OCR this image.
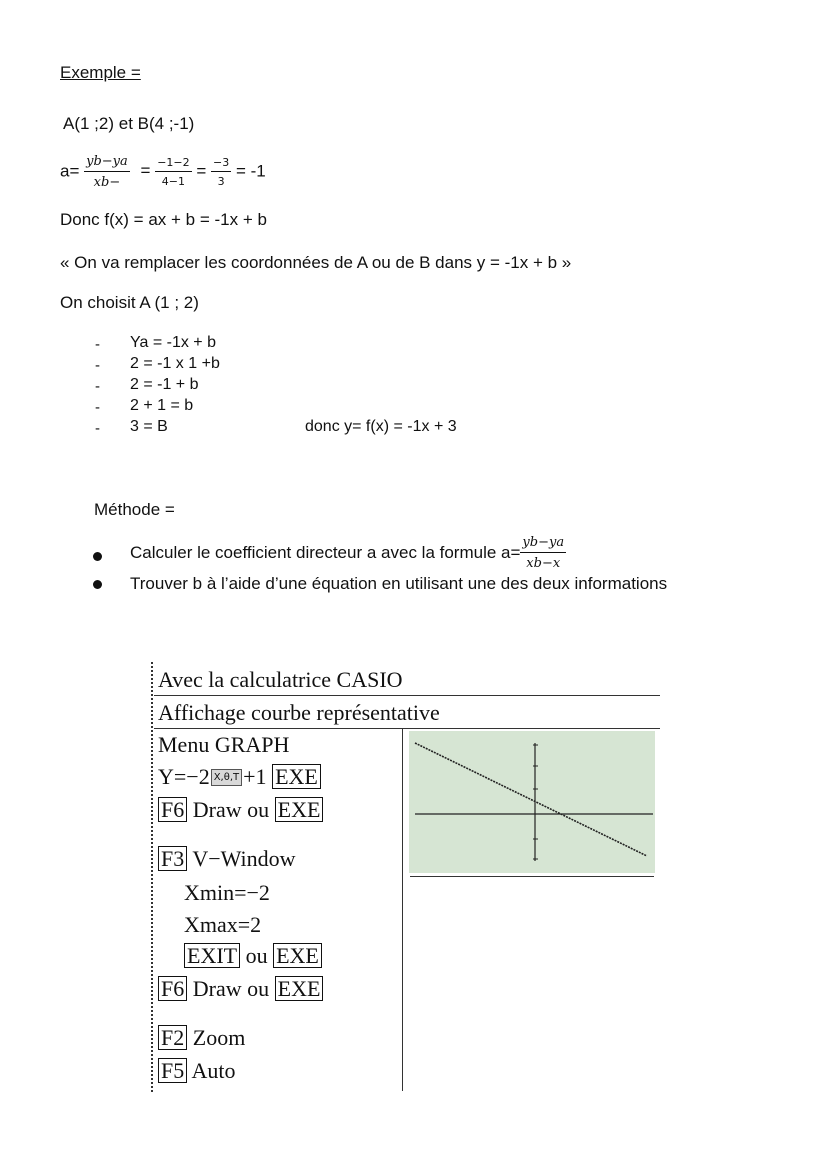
Exemple =
A(1 ;2) et B(4 ;-1)
$a= \frac{yb-ya}{xb-} = \frac{-1-2}{4-1} = \frac{-3}{3} = -1$
Donc f(x) = ax + b = -1x + b
« On va remplacer les coordonnées de A ou de B dans y = -1x + b »
On choisit A (1 ; 2)
- Ya = -1x + b
- 2 = -1 x 1 +b
- 2 = -1 + b
- 2 + 1 = b
- 3 = B	donc y= f(x) = -1x + 3
Méthode =
Calculer le coefficient directeur a avec la formule $a= \frac{yb-ya}{xb-x}$
Trouver b à l’aide d’une équation en utilisant une des deux informations
Avec la calculatrice CASIO
Affichage courbe représentative
Menu GRAPH
Y=−2 X,θ,T +1 EXE
F6 Draw ou EXE
F3 V−Window
Xmin=−2
Xmax=2
EXIT ou EXE
F6 Draw ou EXE
F2 Zoom
F5 Auto
